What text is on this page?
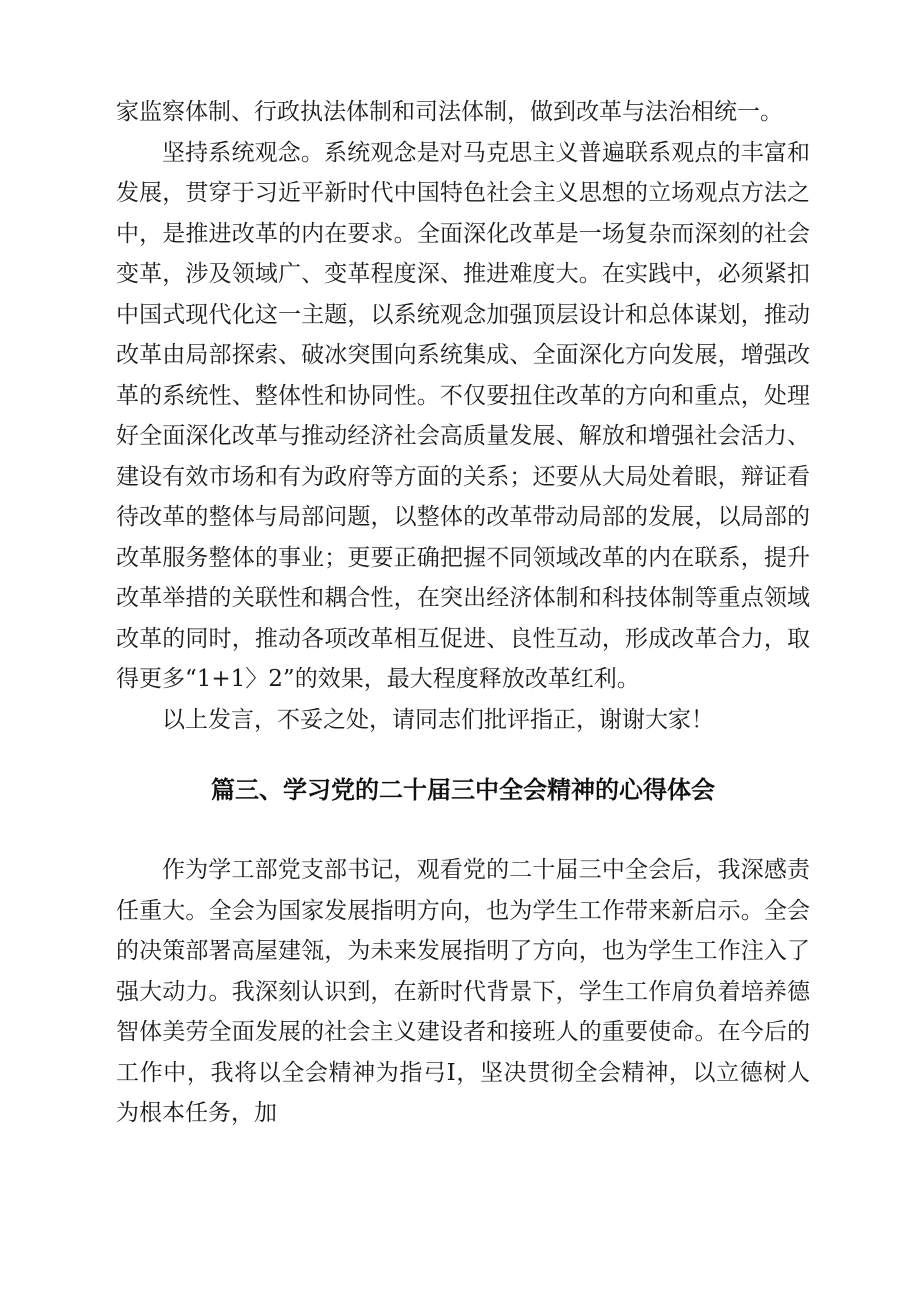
家监察体制、行政执法体制和司法体制，做到改革与法治相统一。

坚持系统观念。系统观念是对马克思主义普遍联系观点的丰富和发展，贯穿于习近平新时代中国特色社会主义思想的立场观点方法之中，是推进改革的内在要求。全面深化改革是一场复杂而深刻的社会变革，涉及领域广、变革程度深、推进难度大。在实践中，必须紧扣中国式现代化这一主题，以系统观念加强顶层设计和总体谋划，推动改革由局部探索、破冰突围向系统集成、全面深化方向发展，增强改革的系统性、整体性和协同性。不仅要扭住改革的方向和重点，处理好全面深化改革与推动经济社会高质量发展、解放和增强社会活力、建设有效市场和有为政府等方面的关系；还要从大局处着眼，辩证看待改革的整体与局部问题，以整体的改革带动局部的发展，以局部的改革服务整体的事业；更要正确把握不同领域改革的内在联系，提升改革举措的关联性和耦合性，在突出经济体制和科技体制等重点领域改革的同时，推动各项改革相互促进、良性互动，形成改革合力，取得更多“1+1〉2”的效果，最大程度释放改革红利。

以上发言，不妥之处，请同志们批评指正，谢谢大家！

篇三、学习党的二十届三中全会精神的心得体会

作为学工部党支部书记，观看党的二十届三中全会后，我深感责任重大。全会为国家发展指明方向，也为学生工作带来新启示。全会的决策部署高屋建瓴，为未来发展指明了方向，也为学生工作注入了强大动力。我深刻认识到，在新时代背景下，学生工作肩负着培养德智体美劳全面发展的社会主义建设者和接班人的重要使命。在今后的工作中，我将以全会精神为指弓I，坚决贯彻全会精神，以立德树人为根本任务，加
